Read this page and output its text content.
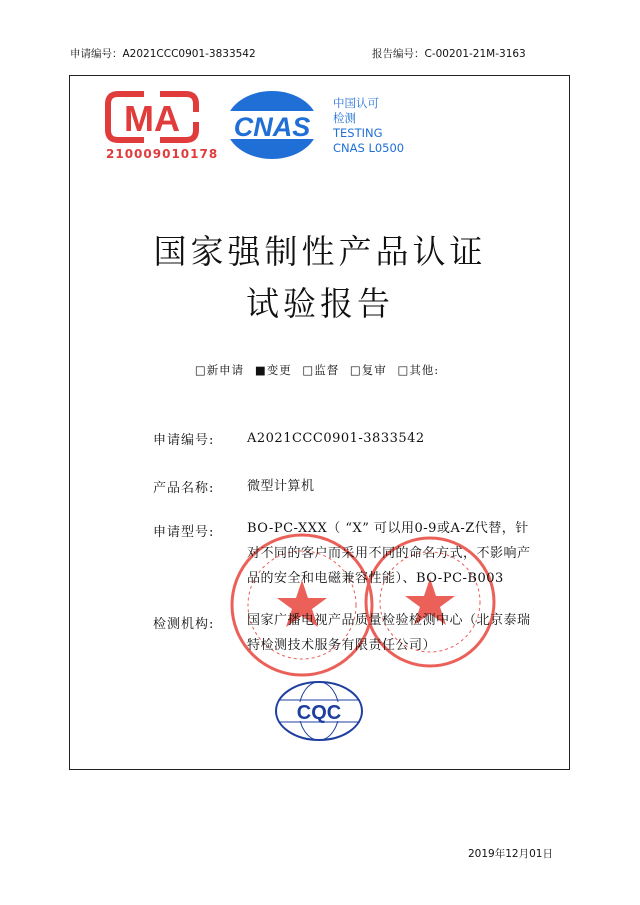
申请编号：A2021CCC0901-3833542	报告编号：C-00201-21M-3163
MA
210009010178
CNAS
中国认可
检测
TESTING
CNAS L0500
国家强制性产品认证
试验报告
□新申请 ■变更 □监督 □复审 □其他:
申请编号:	A2021CCC0901-3833542
产品名称:	微型计算机
申请型号:	BO-PC-XXX（ “X” 可以用0-9或A-Z代替，针对不同的客户而采用不同的命名方式，不影响产品的安全和电磁兼容性能）、BO-PC-B003
检测机构:	国家广播电视产品质量检验检测中心（北京泰瑞特检测技术服务有限责任公司）
CQC
2019年12月01日
